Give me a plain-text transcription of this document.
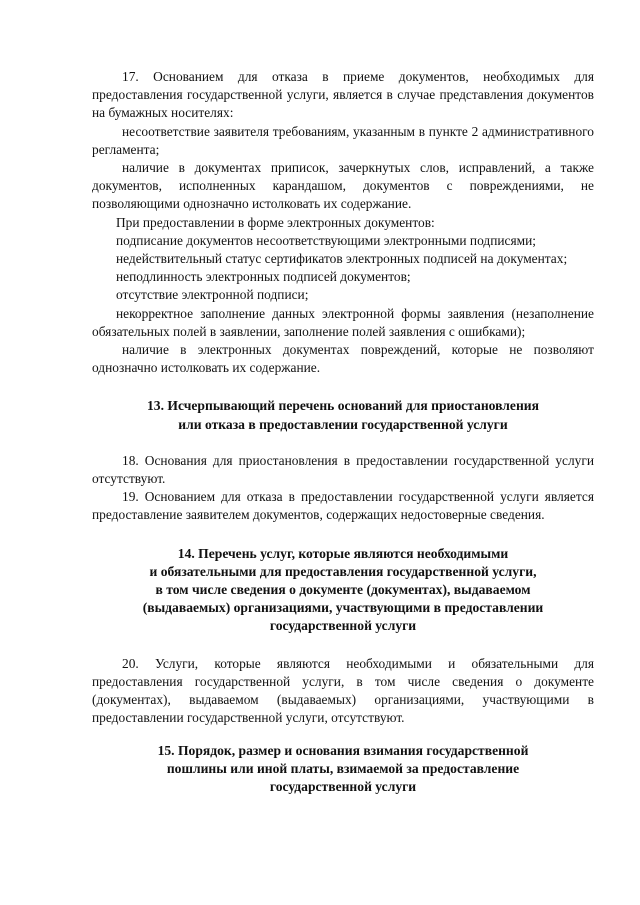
17. Основанием для отказа в приеме документов, необходимых для предоставления государственной услуги, является в случае представления документов на бумажных носителях:

несоответствие заявителя требованиям, указанным в пункте 2 административного регламента;

наличие в документах приписок, зачеркнутых слов, исправлений, а также документов, исполненных карандашом, документов с повреждениями, не позволяющими однозначно истолковать их содержание.

При предоставлении в форме электронных документов:

подписание документов несоответствующими электронными подписями;

недействительный статус сертификатов электронных подписей на документах;

неподлинность электронных подписей документов;

отсутствие электронной подписи;

некорректное заполнение данных электронной формы заявления (незаполнение обязательных полей в заявлении, заполнение полей заявления с ошибками);

наличие в электронных документах повреждений, которые не позволяют однозначно истолковать их содержание.

13. Исчерпывающий перечень оснований для приостановления
или отказа в предоставлении государственной услуги

18. Основания для приостановления в предоставлении государственной услуги отсутствуют.

19. Основанием для отказа в предоставлении государственной услуги является предоставление заявителем документов, содержащих недостоверные сведения.

14. Перечень услуг, которые являются необходимыми
и обязательными для предоставления государственной услуги,
в том числе сведения о документе (документах), выдаваемом
(выдаваемых) организациями, участвующими в предоставлении
государственной услуги

20. Услуги, которые являются необходимыми и обязательными для предоставления государственной услуги, в том числе сведения о документе (документах), выдаваемом (выдаваемых) организациями, участвующими в предоставлении государственной услуги, отсутствуют.

15. Порядок, размер и основания взимания государственной
пошлины или иной платы, взимаемой за предоставление
государственной услуги
